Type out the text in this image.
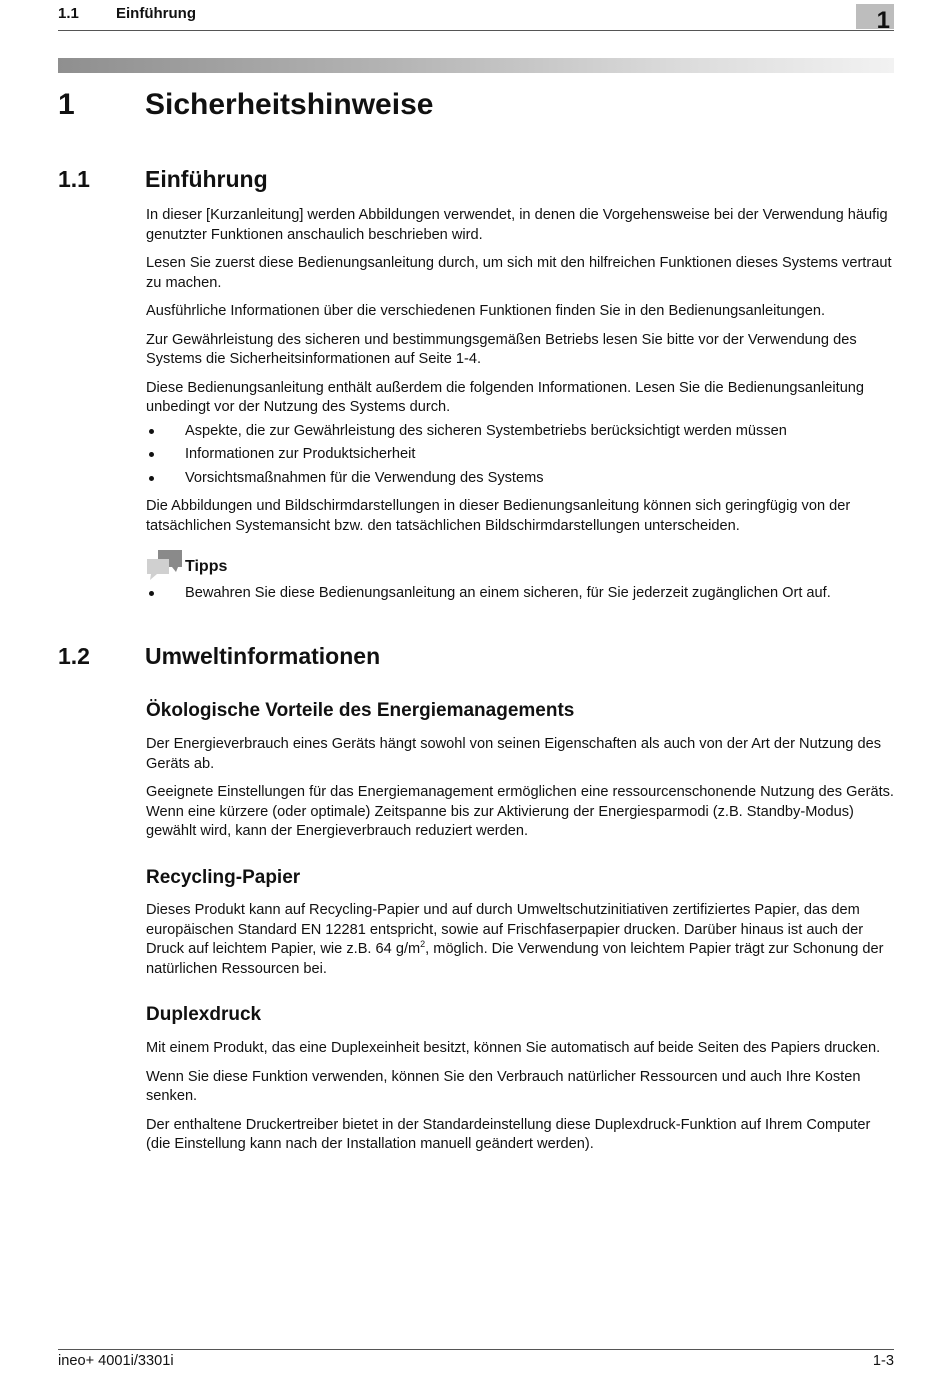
1.1 Einführung	1
1 Sicherheitshinweise
1.1 Einführung

In dieser [Kurzanleitung] werden Abbildungen verwendet, in denen die Vorgehensweise bei der Verwendung häufig genutzter Funktionen anschaulich beschrieben wird.

Lesen Sie zuerst diese Bedienungsanleitung durch, um sich mit den hilfreichen Funktionen dieses Systems vertraut zu machen.

Ausführliche Informationen über die verschiedenen Funktionen finden Sie in den Bedienungsanleitungen.

Zur Gewährleistung des sicheren und bestimmungsgemäßen Betriebs lesen Sie bitte vor der Verwendung des Systems die Sicherheitsinformationen auf Seite 1-4.

Diese Bedienungsanleitung enthält außerdem die folgenden Informationen. Lesen Sie die Bedienungsanleitung unbedingt vor der Nutzung des Systems durch.

Aspekte, die zur Gewährleistung des sicheren Systembetriebs berücksichtigt werden müssen
Informationen zur Produktsicherheit
Vorsichtsmaßnahmen für die Verwendung des Systems

Die Abbildungen und Bildschirmdarstellungen in dieser Bedienungsanleitung können sich geringfügig von der tatsächlichen Systemansicht bzw. den tatsächlichen Bildschirmdarstellungen unterscheiden.

Tipps
Bewahren Sie diese Bedienungsanleitung an einem sicheren, für Sie jederzeit zugänglichen Ort auf.
1.2 Umweltinformationen
Ökologische Vorteile des Energiemanagements

Der Energieverbrauch eines Geräts hängt sowohl von seinen Eigenschaften als auch von der Art der Nutzung des Geräts ab.

Geeignete Einstellungen für das Energiemanagement ermöglichen eine ressourcenschonende Nutzung des Geräts. Wenn eine kürzere (oder optimale) Zeitspanne bis zur Aktivierung der Energiesparmodi (z.B. Standby-Modus) gewählt wird, kann der Energieverbrauch reduziert werden.

Recycling-Papier

Dieses Produkt kann auf Recycling-Papier und auf durch Umweltschutzinitiativen zertifiziertes Papier, das dem europäischen Standard EN 12281 entspricht, sowie auf Frischfaserpapier drucken. Darüber hinaus ist auch der Druck auf leichtem Papier, wie z.B. 64 $g/m^2$, möglich. Die Verwendung von leichtem Papier trägt zur Schonung der natürlichen Ressourcen bei.

Duplexdruck

Mit einem Produkt, das eine Duplexeinheit besitzt, können Sie automatisch auf beide Seiten des Papiers drucken.

Wenn Sie diese Funktion verwenden, können Sie den Verbrauch natürlicher Ressourcen und auch Ihre Kosten senken.

Der enthaltene Druckertreiber bietet in der Standardeinstellung diese Duplexdruck-Funktion auf Ihrem Computer (die Einstellung kann nach der Installation manuell geändert werden).

ineo+ 4001i/3301i	1-3
